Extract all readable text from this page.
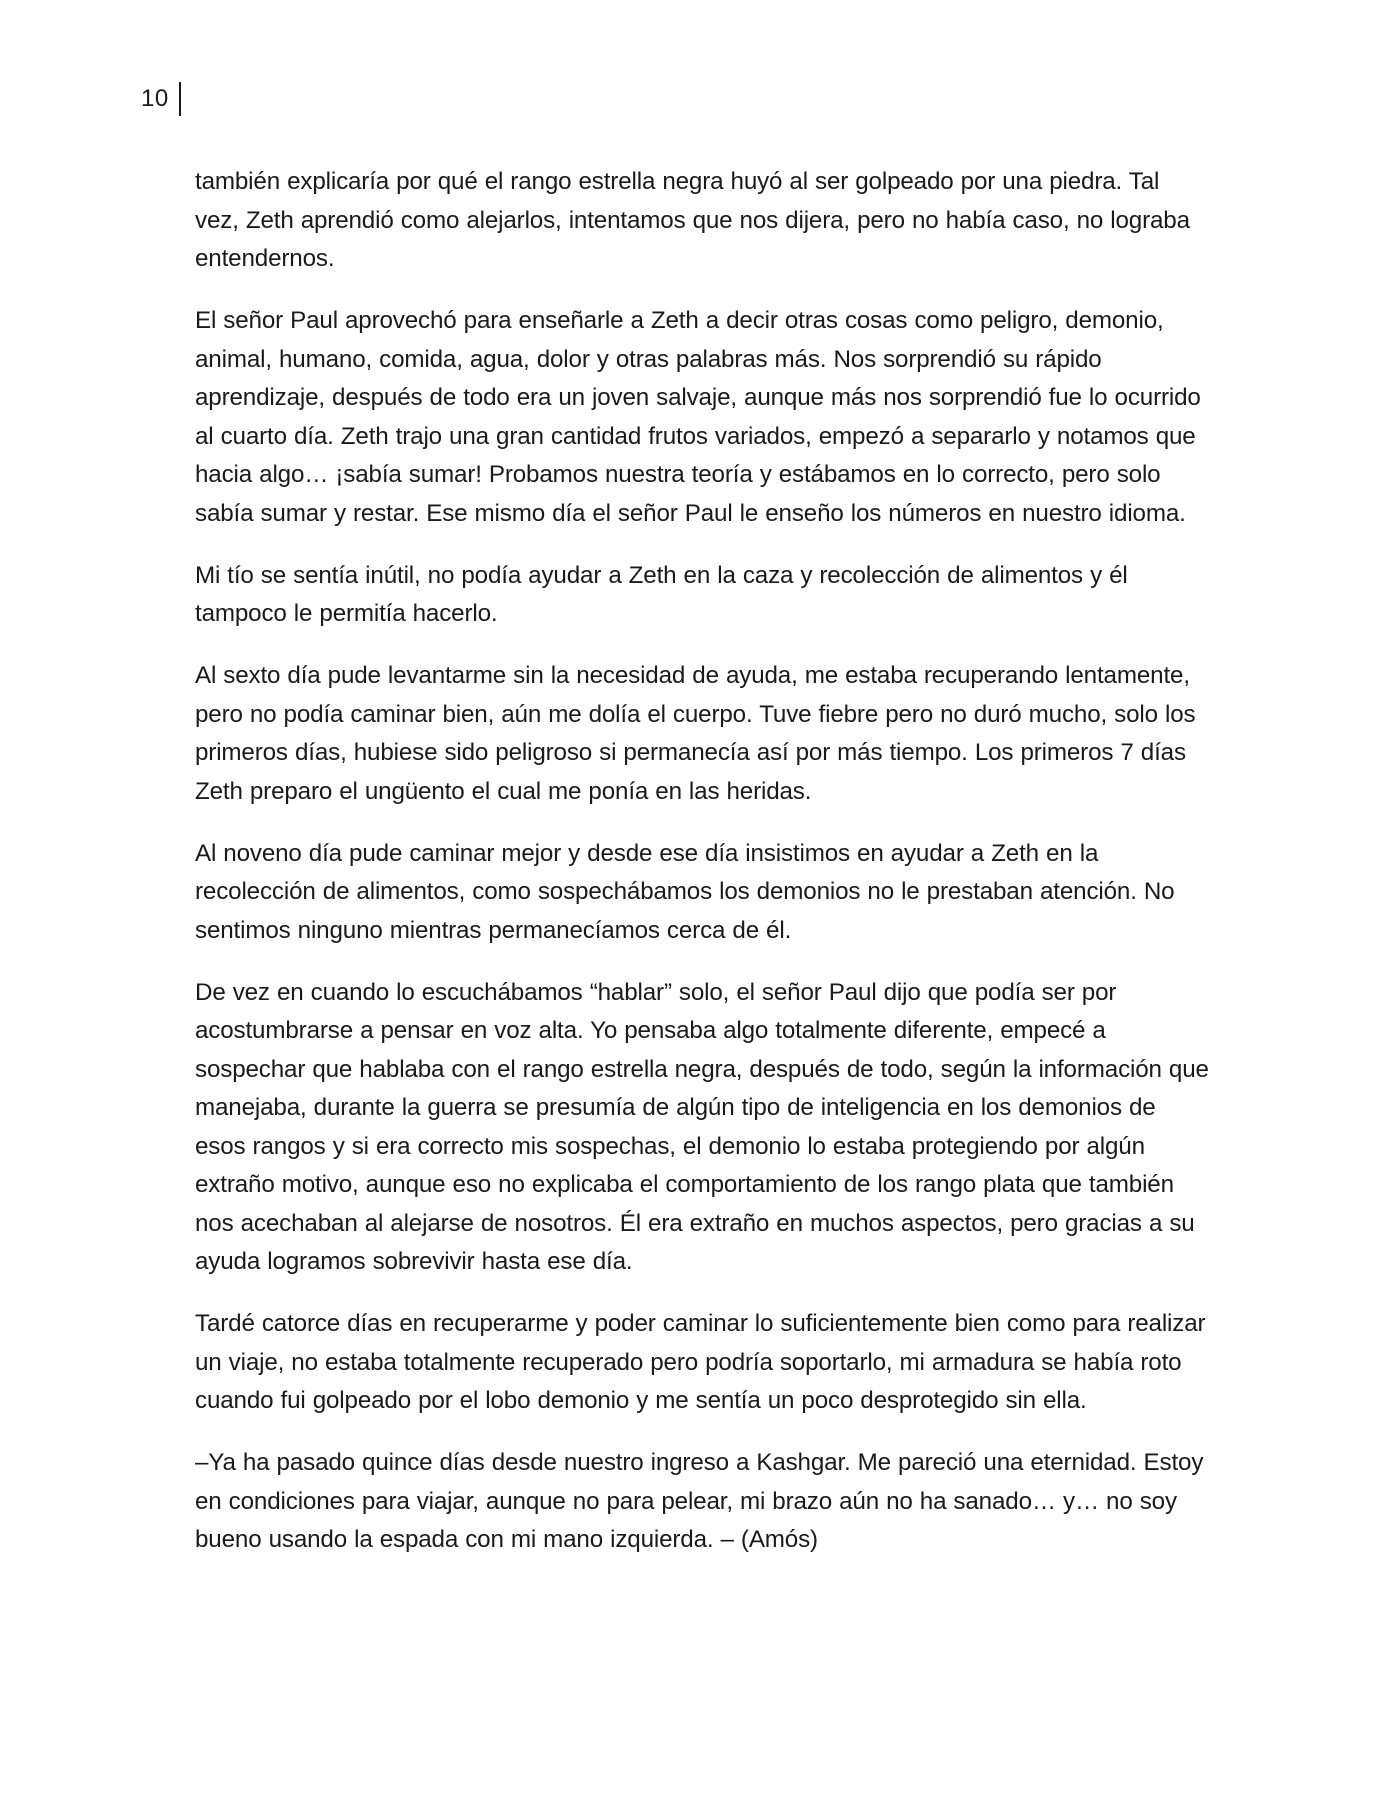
10

también explicaría por qué el rango estrella negra huyó al ser golpeado por una piedra. Tal vez, Zeth aprendió como alejarlos, intentamos que nos dijera, pero no había caso, no lograba entendernos.

El señor Paul aprovechó para enseñarle a Zeth a decir otras cosas como peligro, demonio, animal, humano, comida, agua, dolor y otras palabras más. Nos sorprendió su rápido aprendizaje, después de todo era un joven salvaje, aunque más nos sorprendió fue lo ocurrido al cuarto día. Zeth trajo una gran cantidad frutos variados, empezó a separarlo y notamos que hacia algo… ¡sabía sumar! Probamos nuestra teoría y estábamos en lo correcto, pero solo sabía sumar y restar. Ese mismo día el señor Paul le enseño los números en nuestro idioma.

Mi tío se sentía inútil, no podía ayudar a Zeth en la caza y recolección de alimentos y él tampoco le permitía hacerlo.

Al sexto día pude levantarme sin la necesidad de ayuda, me estaba recuperando lentamente, pero no podía caminar bien, aún me dolía el cuerpo. Tuve fiebre pero no duró mucho, solo los primeros días, hubiese sido peligroso si permanecía así por más tiempo. Los primeros 7 días Zeth preparo el ungüento el cual me ponía en las heridas.

Al noveno día pude caminar mejor y desde ese día insistimos en ayudar a Zeth en la recolección de alimentos, como sospechábamos los demonios no le prestaban atención. No sentimos ninguno mientras permanecíamos cerca de él.

De vez en cuando lo escuchábamos “hablar” solo, el señor Paul dijo que podía ser por acostumbrarse a pensar en voz alta. Yo pensaba algo totalmente diferente, empecé a sospechar que hablaba con el rango estrella negra, después de todo, según la información que manejaba, durante la guerra se presumía de algún tipo de inteligencia en los demonios de esos rangos y si era correcto mis sospechas, el demonio lo estaba protegiendo por algún extraño motivo, aunque eso no explicaba el comportamiento de los rango plata que también nos acechaban al alejarse de nosotros. Él era extraño en muchos aspectos, pero gracias a su ayuda logramos sobrevivir hasta ese día.

Tardé catorce días en recuperarme y poder caminar lo suficientemente bien como para realizar un viaje, no estaba totalmente recuperado pero podría soportarlo, mi armadura se había roto cuando fui golpeado por el lobo demonio y me sentía un poco desprotegido sin ella.

–Ya ha pasado quince días desde nuestro ingreso a Kashgar. Me pareció una eternidad. Estoy en condiciones para viajar, aunque no para pelear, mi brazo aún no ha sanado… y… no soy bueno usando la espada con mi mano izquierda. – (Amós)
